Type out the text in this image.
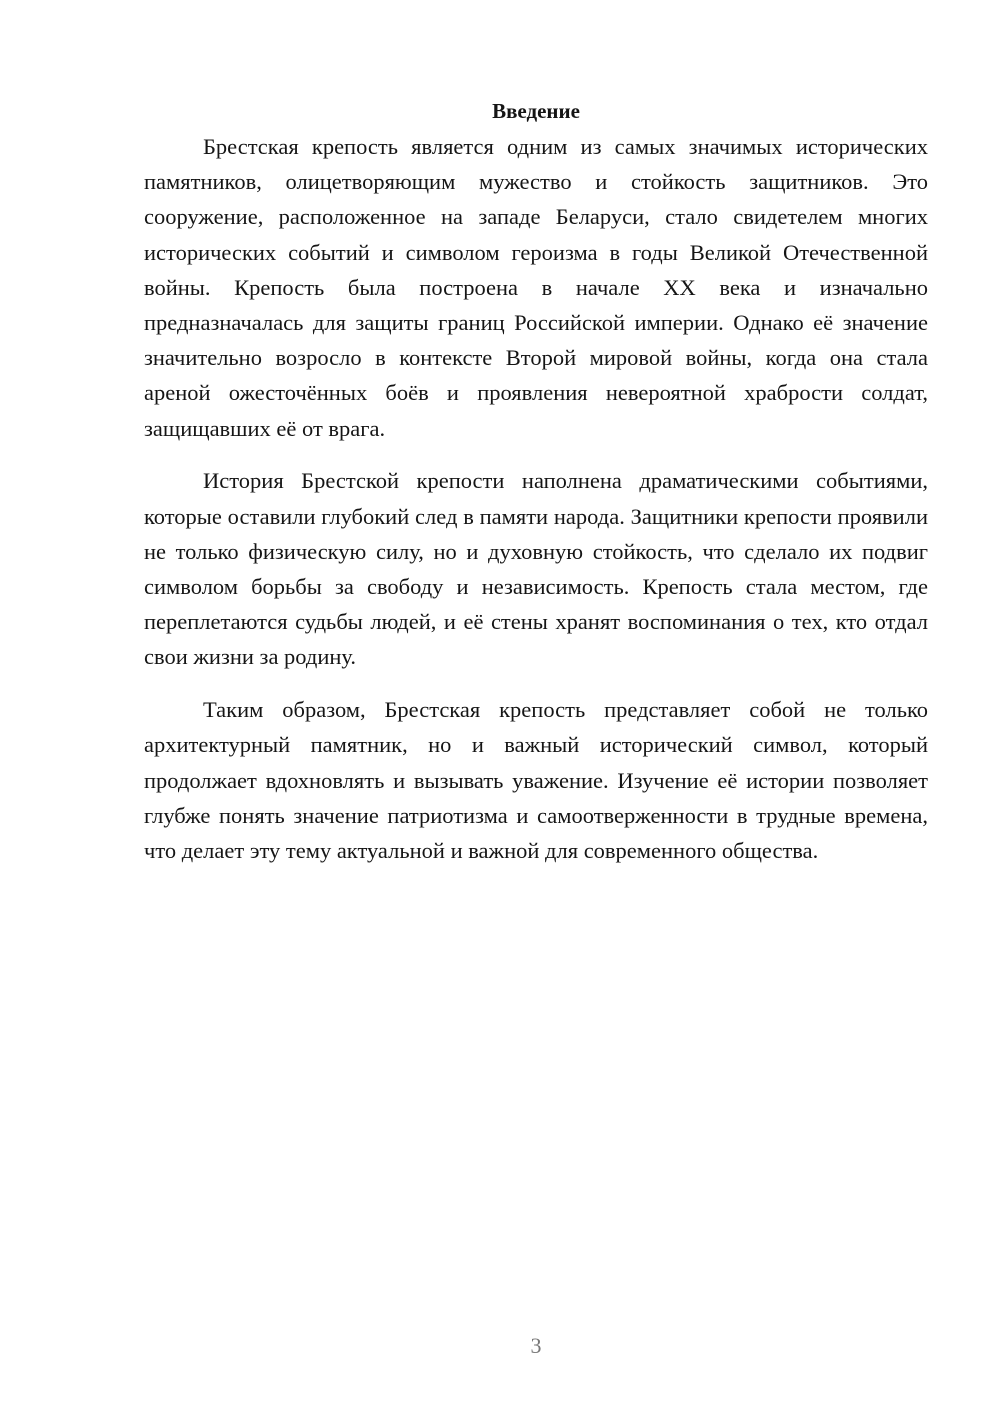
Введение

Брестская крепость является одним из самых значимых исторических памятников, олицетворяющим мужество и стойкость защитников. Это сооружение, расположенное на западе Беларуси, стало свидетелем многих исторических событий и символом героизма в годы Великой Отечественной войны. Крепость была построена в начале XX века и изначально предназначалась для защиты границ Российской империи. Однако её значение значительно возросло в контексте Второй мировой войны, когда она стала ареной ожесточённых боёв и проявления невероятной храбрости солдат, защищавших её от врага.

История Брестской крепости наполнена драматическими событиями, которые оставили глубокий след в памяти народа. Защитники крепости проявили не только физическую силу, но и духовную стойкость, что сделало их подвиг символом борьбы за свободу и независимость. Крепость стала местом, где переплетаются судьбы людей, и её стены хранят воспоминания о тех, кто отдал свои жизни за родину.

Таким образом, Брестская крепость представляет собой не только архитектурный памятник, но и важный исторический символ, который продолжает вдохновлять и вызывать уважение. Изучение её истории позволяет глубже понять значение патриотизма и самоотверженности в трудные времена, что делает эту тему актуальной и важной для современного общества.

3
